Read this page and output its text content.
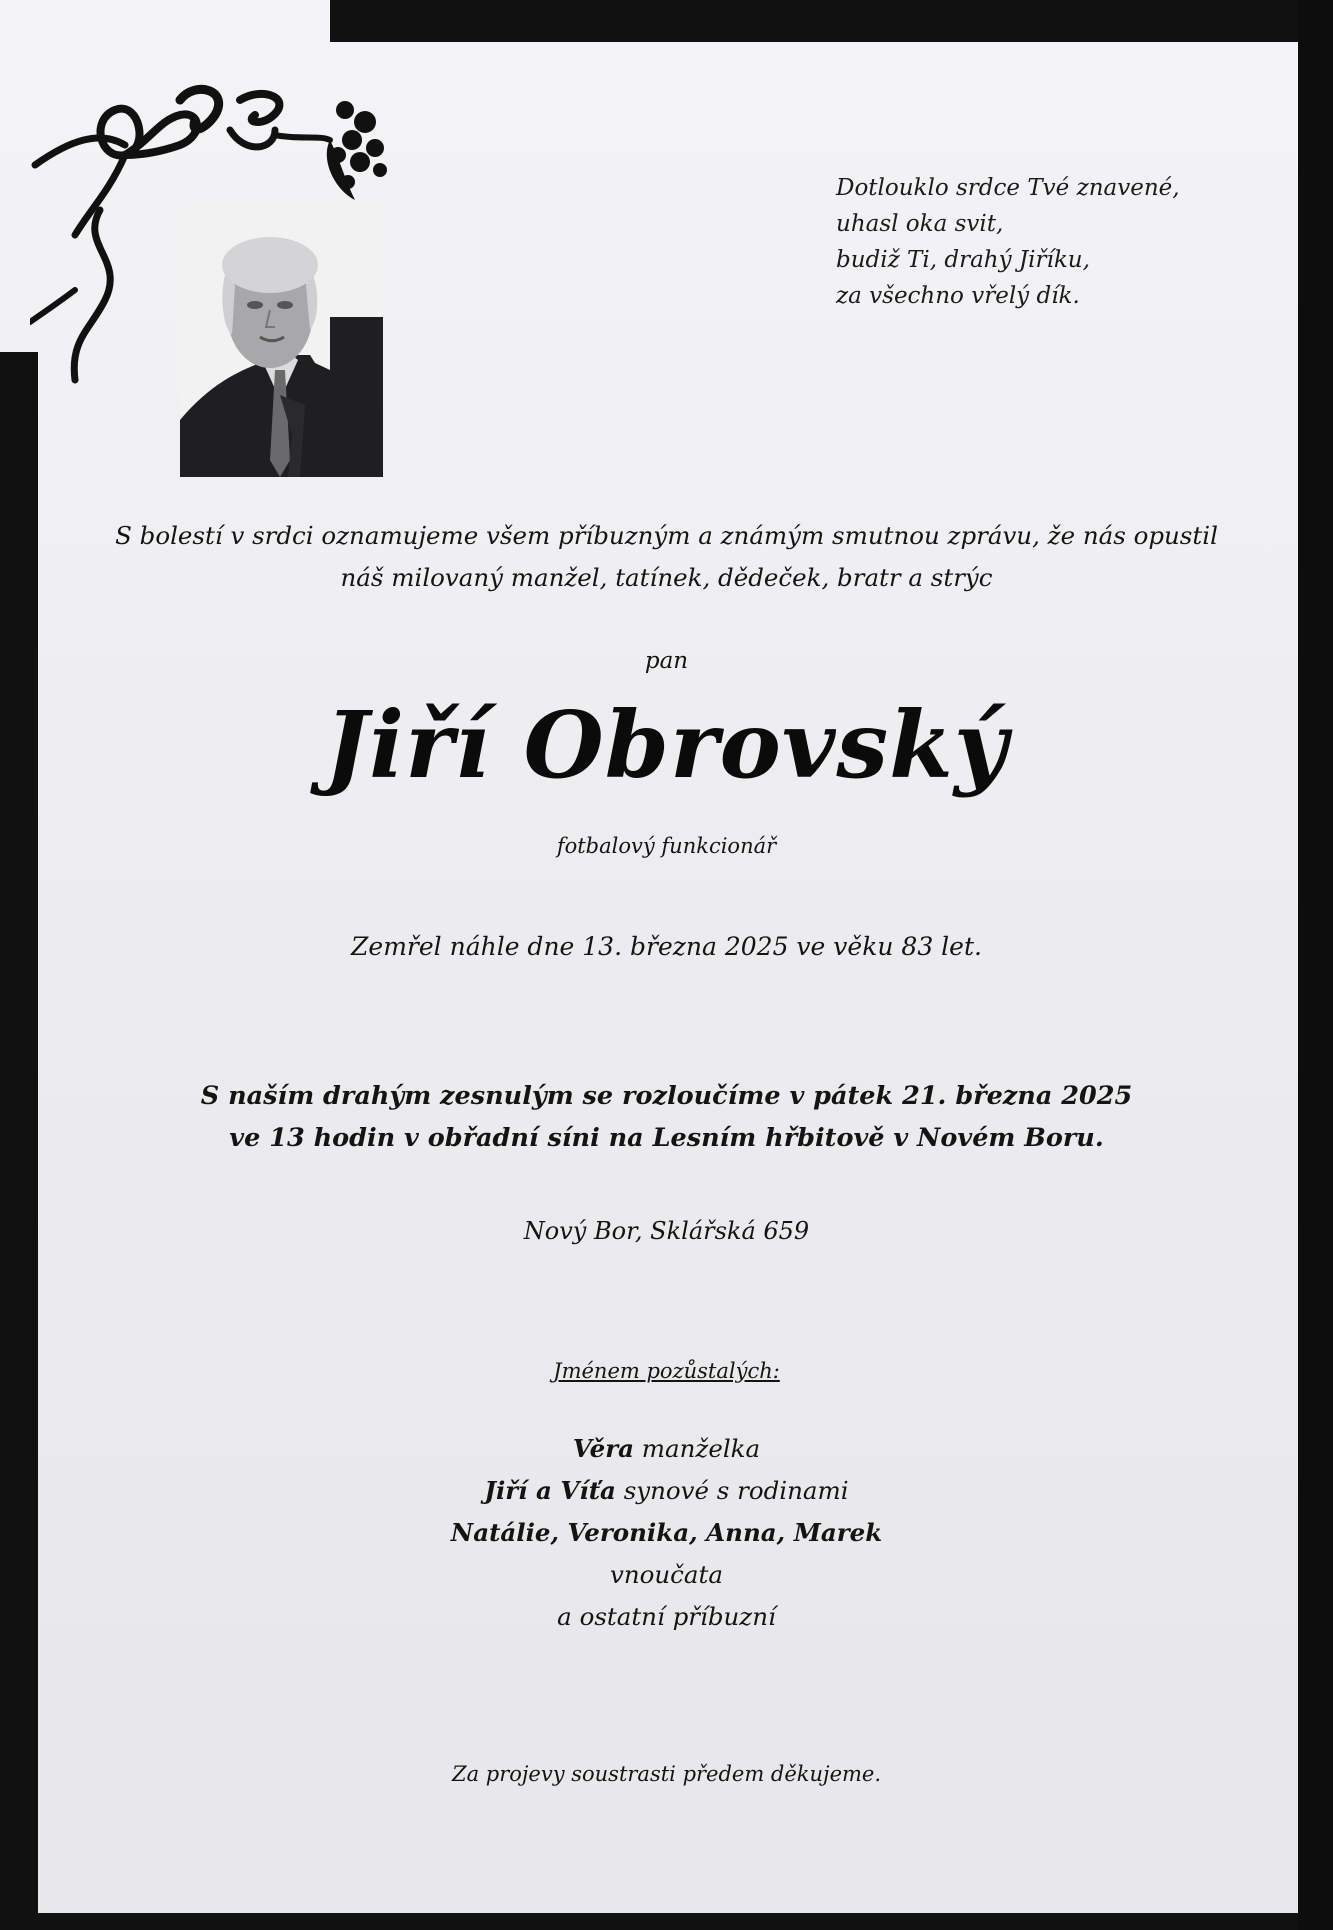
Dotlouklo srdce Tvé znavené,
uhasl oka svit,
budiž Ti, drahý Jiříku,
za všechno vřelý dík.
S bolestí v srdci oznamujeme všem příbuzným a známým smutnou zprávu, že nás opustil
náš milovaný manžel, tatínek, dědeček, bratr a strýc
pan
Jiří Obrovský
fotbalový funkcionář
Zemřel náhle dne 13. března 2025 ve věku 83 let.
S naším drahým zesnulým se rozloučíme v pátek 21. března 2025
ve 13 hodin v obřadní síni na Lesním hřbitově v Novém Boru.
Nový Bor, Sklářská 659
Jménem pozůstalých:
Věra manželka
Jiří a Víťa synové s rodinami
Natálie, Veronika, Anna, Marek
vnoučata
a ostatní příbuzní
Za projevy soustrasti předem děkujeme.
